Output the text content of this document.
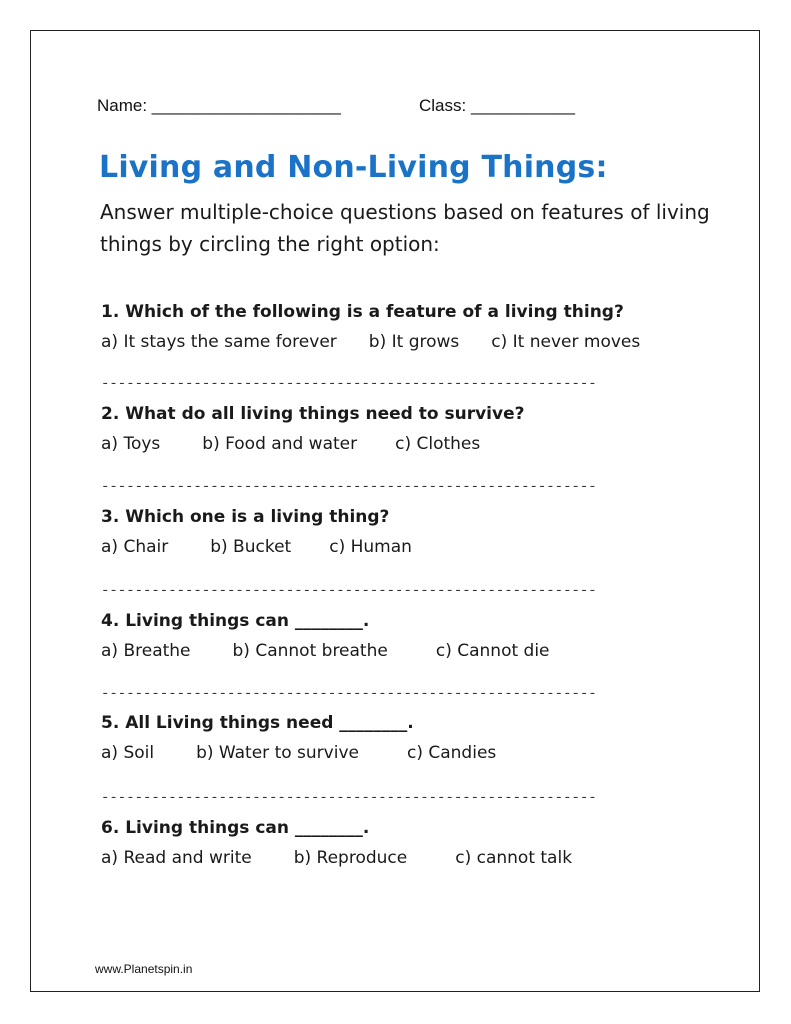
Name: ____________________	Class: ___________
Living and Non-Living Things:
Answer multiple-choice questions based on features of living things by circling the right option:
1. Which of the following is a feature of a living thing?
a) It stays the same forever b) It grows c) It never moves
-----------------------------------------------------------
2. What do all living things need to survive?
a) Toys b) Food and water c) Clothes
-----------------------------------------------------------
3. Which one is a living thing?
a) Chair b) Bucket c) Human
-----------------------------------------------------------
4. Living things can ________.
a) Breathe b) Cannot breathe	c) Cannot die
-----------------------------------------------------------
5. All Living things need ________.
a) Soil b) Water to survive	c) Candies
-----------------------------------------------------------
6. Living things can ________.
a) Read and write b) Reproduce	c) cannot talk
www.Planetspin.in
